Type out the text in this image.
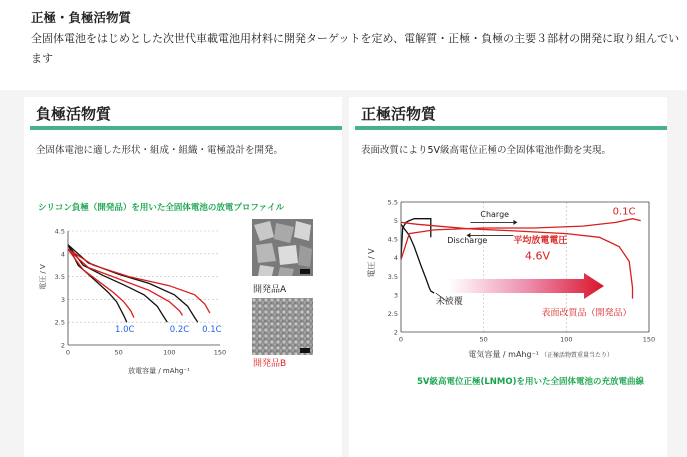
正極・負極活物質
全固体電池をはじめとした次世代車載電池用材料に開発ターゲットを定め、電解質・正極・負極の主要３部材の開発に取り組んでいます
負極活物質
全固体電池に適した形状・組成・組織・電極設計を開発。
シリコン負極（開発品）を用いた全固体電池の放電プロファイル
2
2.5
3
3.5
4
4.5
0	50	100	150
1.0C	0.2C 0.1C
電圧 / V
放電容量 / mAhg⁻¹
開発品A
開発品B
正極活物質
表面改質により5V級高電位正極の全固体電池作動を実現。
2
2.5
3
3.5
4
4.5
5
5.5
0	50	100	150
Charge
Discharge
0.1C
平均放電電圧
4.6V
未被覆
表面改質品（開発品）
電圧 / V
電気容量 / mAhg⁻¹ （正極活物質重量当たり）
5V級高電位正極(LNMO)を用いた全固体電池の充放電曲線
